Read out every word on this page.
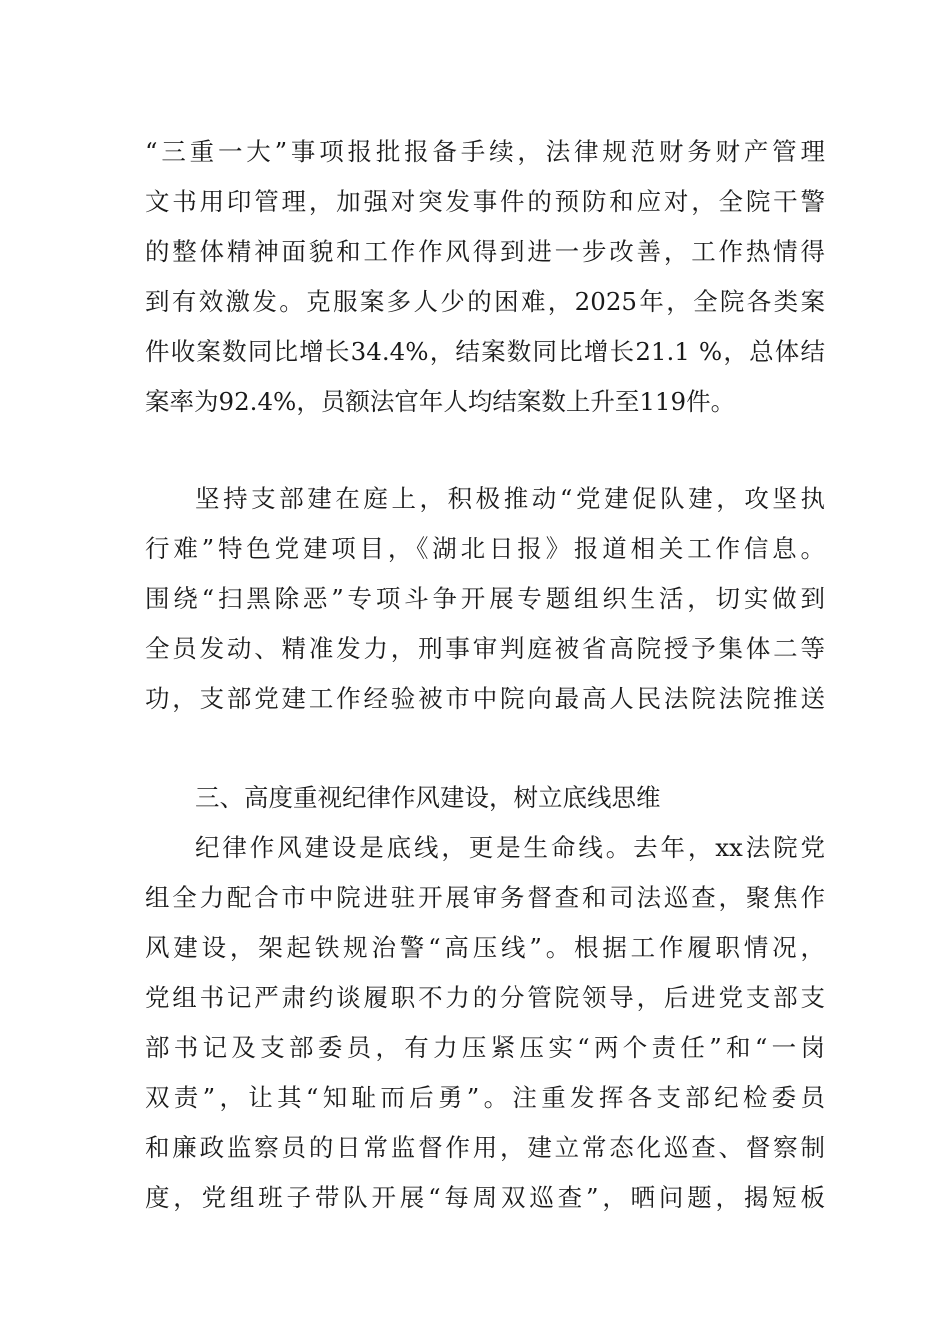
“三重一大”事项报批报备手续，法律规范财务财产管理
文书用印管理，加强对突发事件的预防和应对，全院干警
的整体精神面貌和工作作风得到进一步改善，工作热情得
到有效激发。克服案多人少的困难，2025年，全院各类案
件收案数同比增长34.4%，结案数同比增长21.1 %，总体结
案率为92.4%，员额法官年人均结案数上升至119件。
坚持支部建在庭上，积极推动“党建促队建，攻坚执
行难”特色党建项目，《湖北日报》报道相关工作信息。
围绕“扫黑除恶”专项斗争开展专题组织生活，切实做到
全员发动、精准发力，刑事审判庭被省高院授予集体二等
功，支部党建工作经验被市中院向最高人民法院法院推送
三、高度重视纪律作风建设，树立底线思维
纪律作风建设是底线，更是生命线。去年，xx法院党
组全力配合市中院进驻开展审务督查和司法巡查，聚焦作
风建设，架起铁规治警“高压线”。根据工作履职情况，
党组书记严肃约谈履职不力的分管院领导，后进党支部支
部书记及支部委员，有力压紧压实“两个责任”和“一岗
双责”，让其“知耻而后勇”。注重发挥各支部纪检委员
和廉政监察员的日常监督作用，建立常态化巡查、督察制
度，党组班子带队开展“每周双巡查”，晒问题，揭短板
